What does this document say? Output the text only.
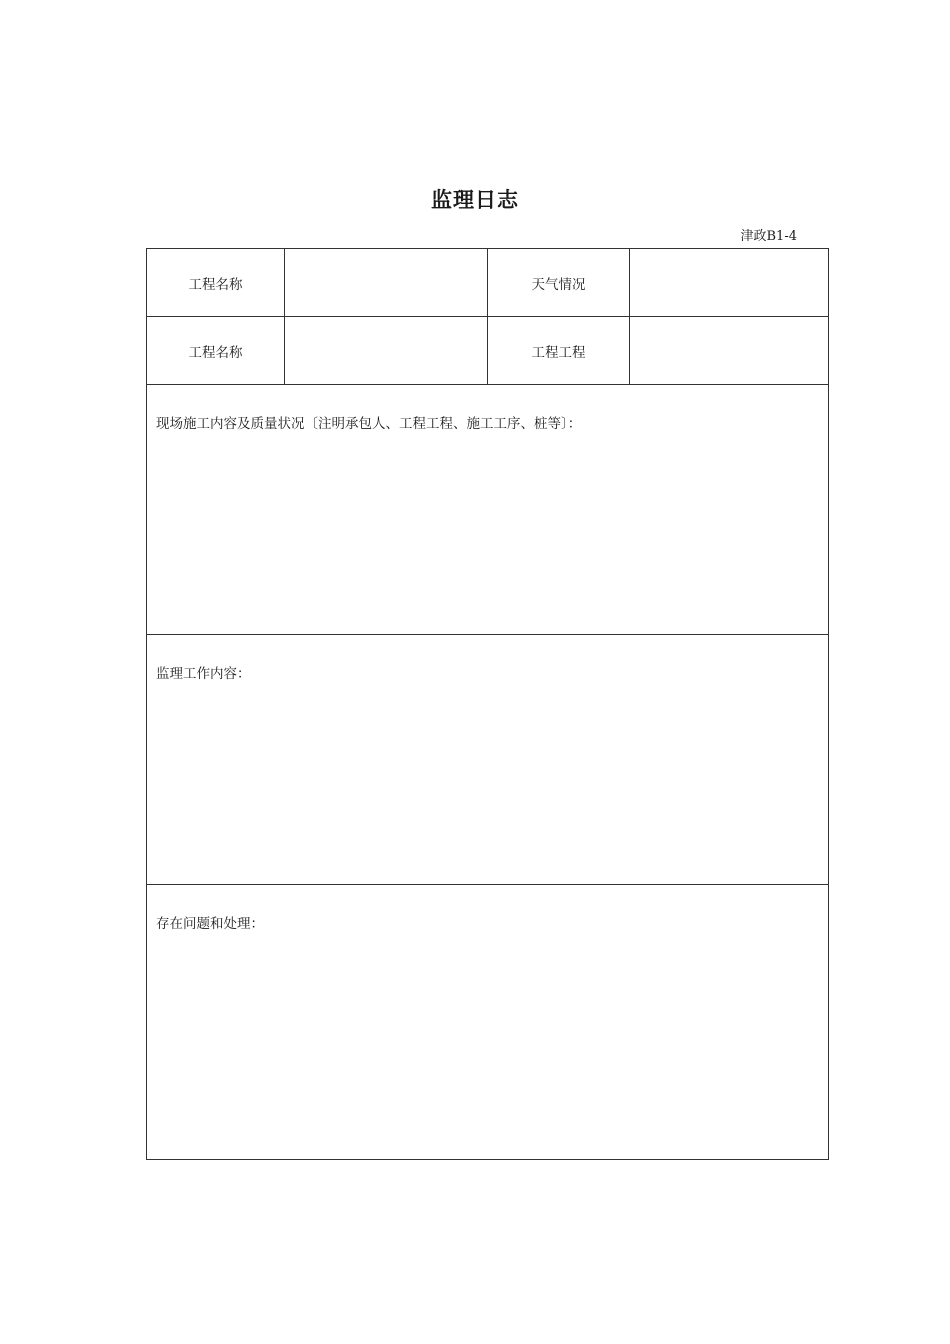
监理日志
津政B1-4
工程名称		天气情况	
工程名称		工程工程	

现场施工内容及质量状况〔注明承包人、工程工程、施工工序、桩等〕：			

监理工作内容：			

存在问题和处理：			
